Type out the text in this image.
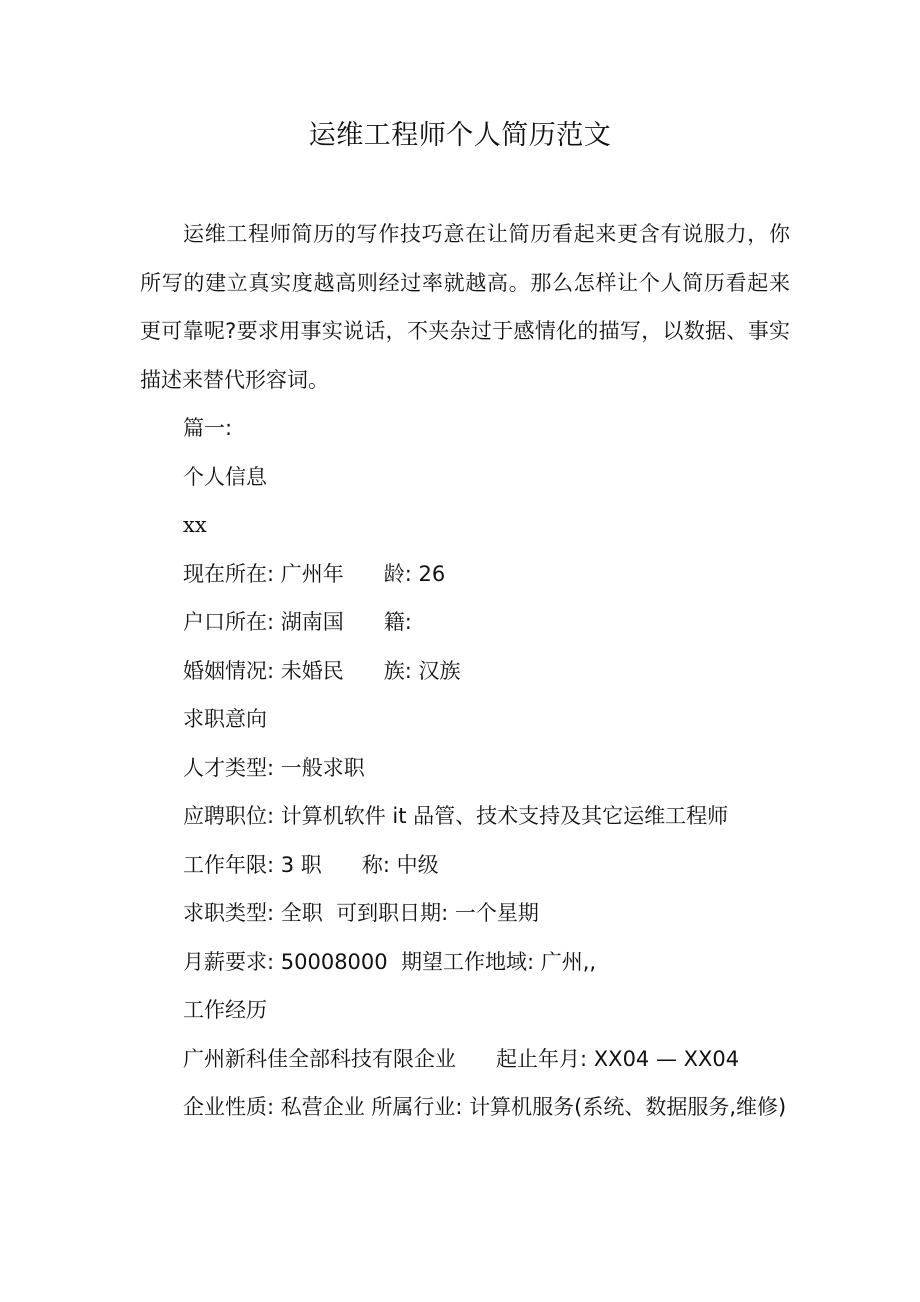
运维工程师个人简历范文

运维工程师简历的写作技巧意在让简历看起来更含有说服力，你所写的建立真实度越高则经过率就越高。那么怎样让个人简历看起来更可靠呢?要求用事实说话，不夹杂过于感情化的描写，以数据、事实描述来替代形容词。

篇一:

个人信息

xx

现在所在: 广州年      龄: 26

户口所在: 湖南国      籍:

婚姻情况: 未婚民      族: 汉族

求职意向

人才类型: 一般求职

应聘职位: 计算机软件 it 品管、技术支持及其它运维工程师

工作年限: 3 职      称: 中级

求职类型: 全职  可到职日期: 一个星期

月薪要求: 50008000  期望工作地域: 广州,,

工作经历

广州新科佳全部科技有限企业      起止年月: XX04 — XX04

企业性质: 私营企业 所属行业: 计算机服务(系统、数据服务,维修)
